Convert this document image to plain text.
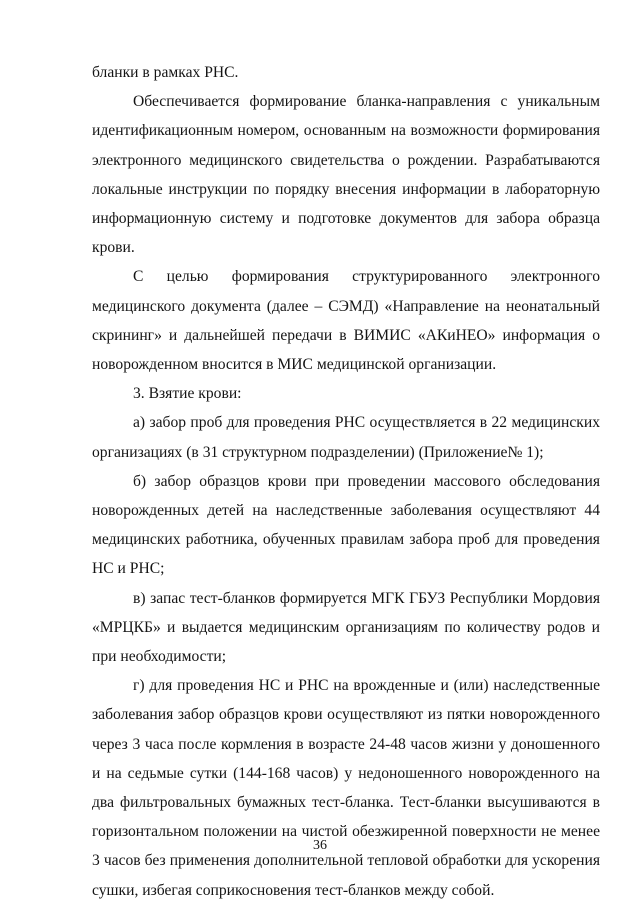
бланки в рамках РНС.

Обеспечивается формирование бланка-направления с уникальным идентификационным номером, основанным на возможности формирования электронного медицинского свидетельства о рождении. Разрабатываются локальные инструкции по порядку внесения информации в лабораторную информационную систему и подготовке документов для забора образца крови.

С целью формирования структурированного электронного медицинского документа (далее – СЭМД) «Направление на неонатальный скрининг» и дальнейшей передачи в ВИМИС «АКиНЕО» информация о новорожденном вносится в МИС медицинской организации.

3. Взятие крови:

а) забор проб для проведения РНС осуществляется в 22 медицинских организациях (в 31 структурном подразделении) (Приложение№ 1);

б) забор образцов крови при проведении массового обследования новорожденных детей на наследственные заболевания осуществляют 44 медицинских работника, обученных правилам забора проб для проведения НС и РНС;

в) запас тест-бланков формируется МГК ГБУЗ Республики Мордовия «МРЦКБ» и выдается медицинским организациям по количеству родов и при необходимости;

г) для проведения НС и РНС на врожденные и (или) наследственные заболевания забор образцов крови осуществляют из пятки новорожденного через 3 часа после кормления в возрасте 24-48 часов жизни у доношенного и на седьмые сутки (144-168 часов) у недоношенного новорожденного на два фильтровальных бумажных тест-бланка. Тест-бланки высушиваются в горизонтальном положении на чистой обезжиренной поверхности не менее 3 часов без применения дополнительной тепловой обработки для ускорения сушки, избегая соприкосновения тест-бланков между собой.

36
